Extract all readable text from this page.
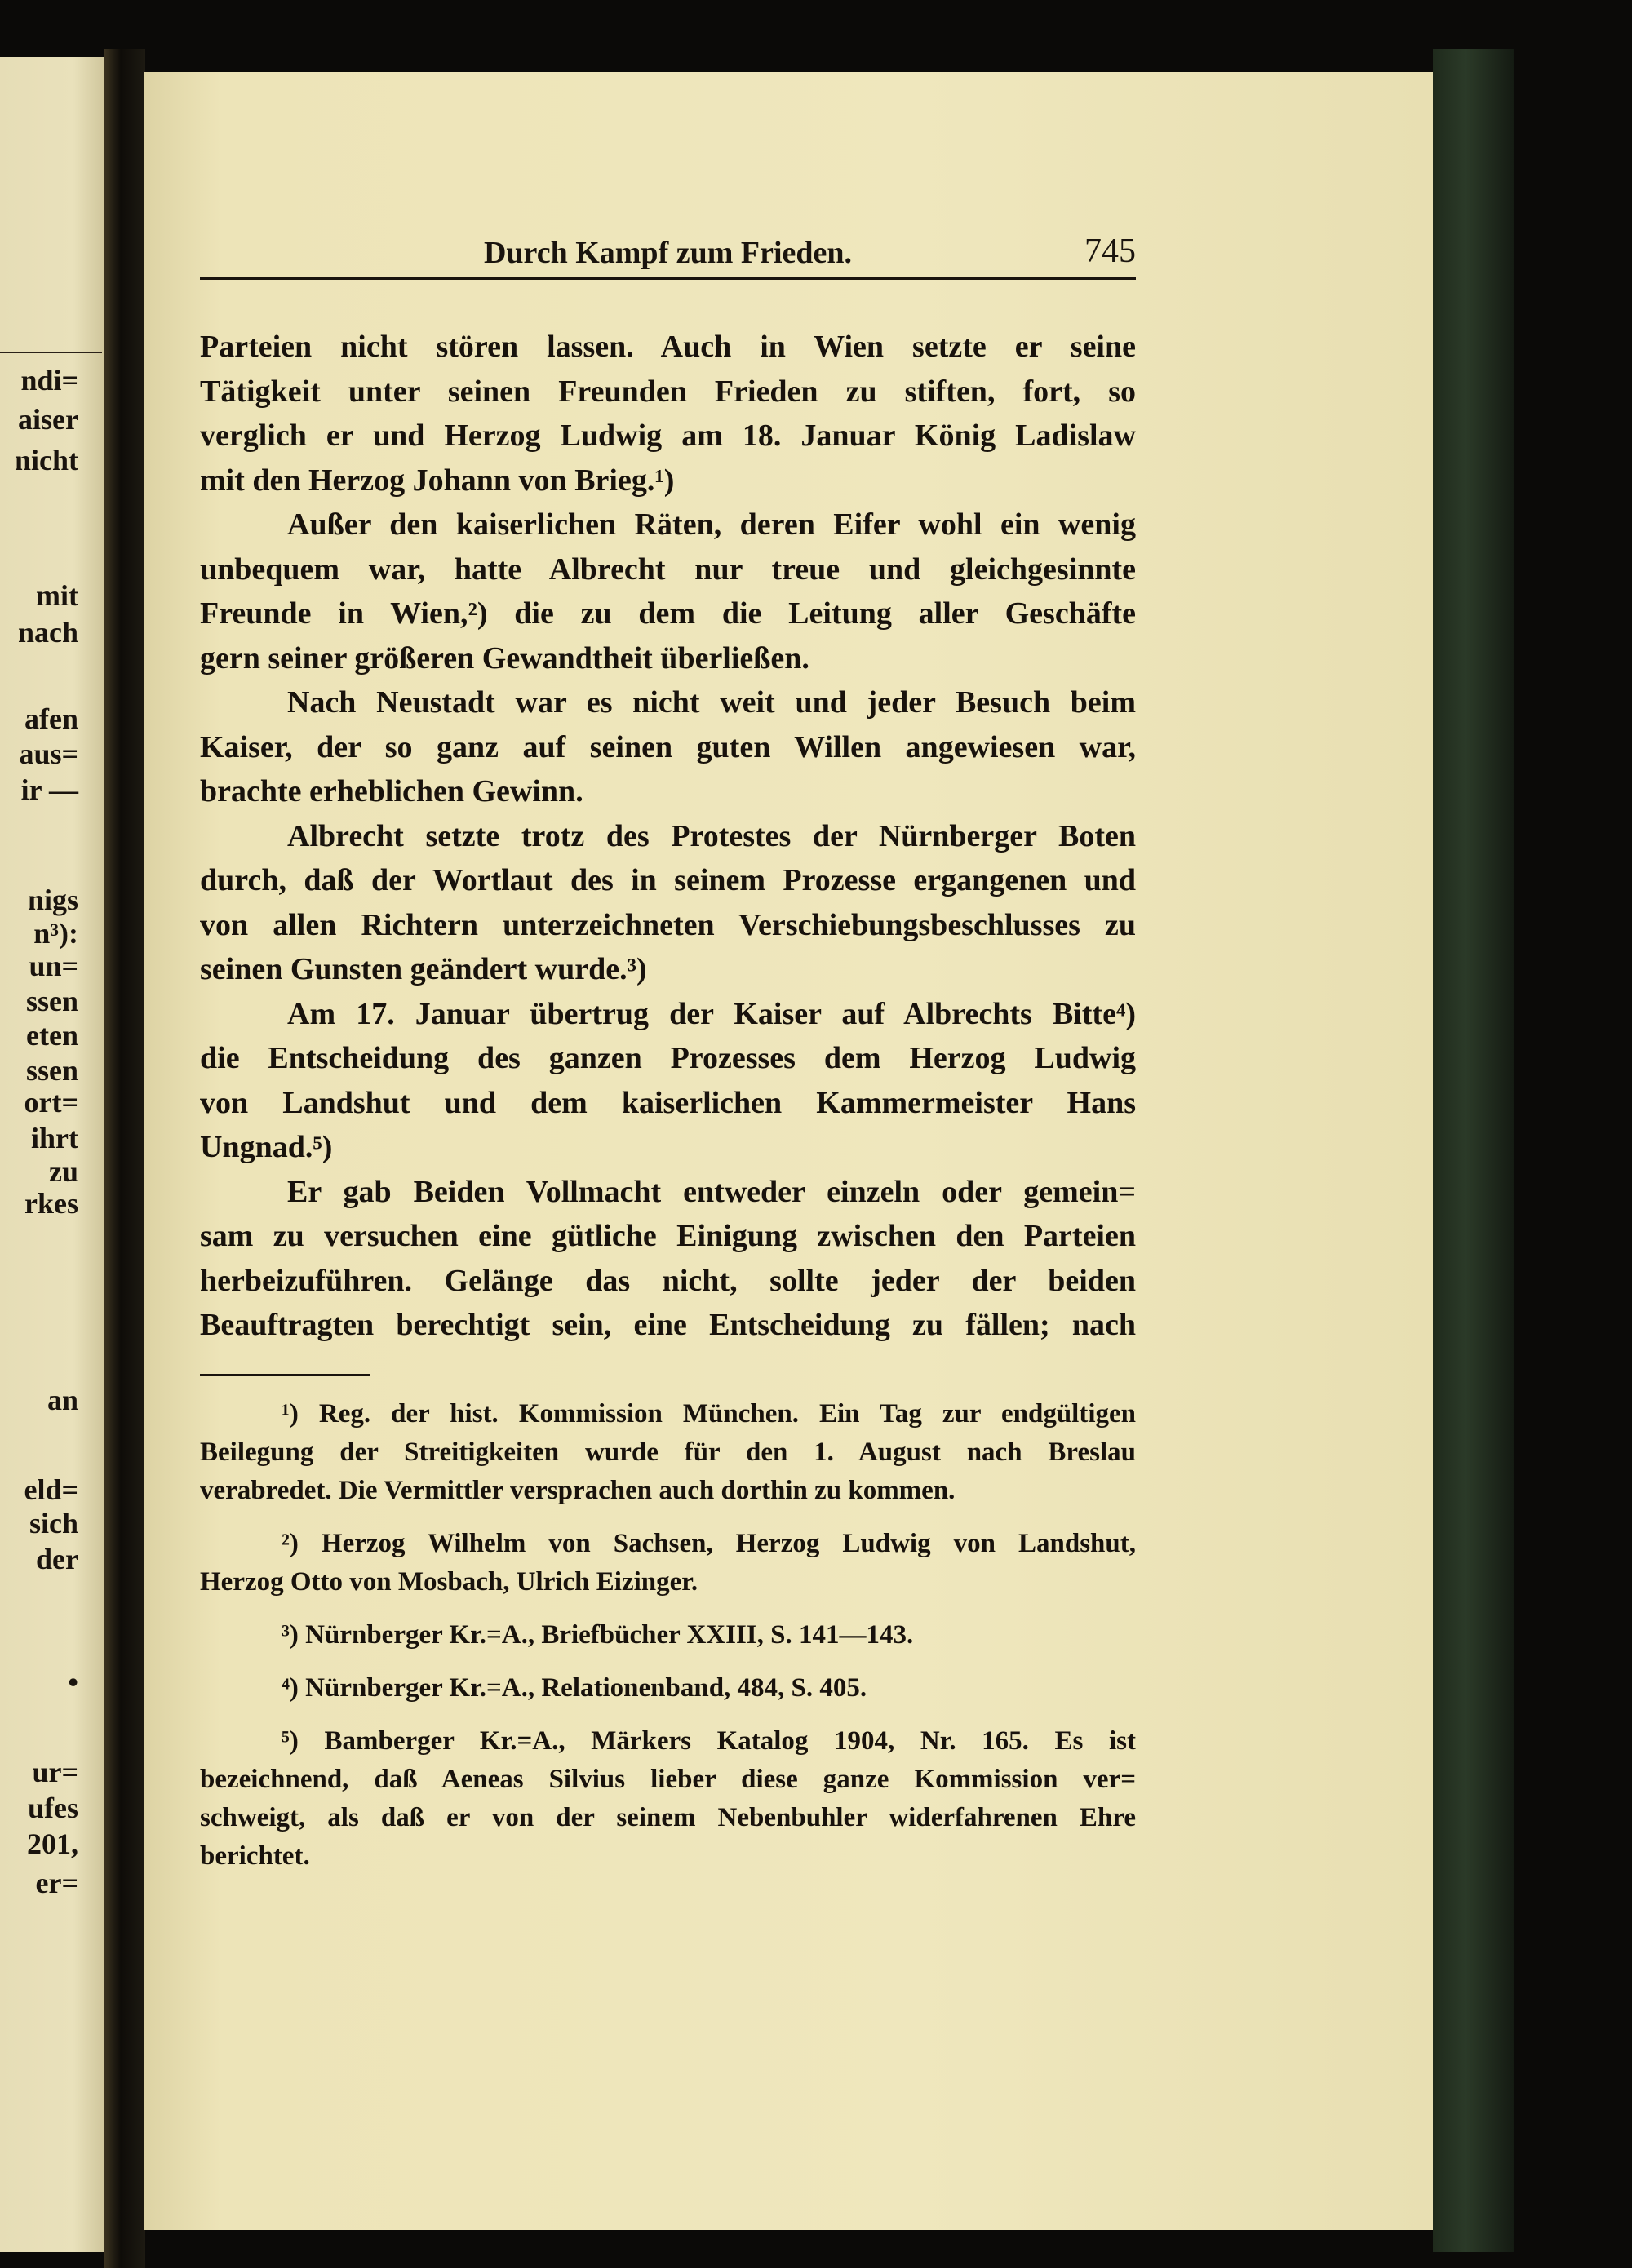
ndi=
aiser
nicht
mit
nach
afen
aus=
ir —
nigs
n³):
un=
ssen
eten
ssen
ort=
ihrt
zu
rkes
an
eld=
sich
der
•
ur=
ufes
201,
er=
Durch Kampf zum Frieden.	745
Parteien nicht stören lassen. Auch in Wien setzte er seine
Tätigkeit unter seinen Freunden Frieden zu stiften, fort, so
verglich er und Herzog Ludwig am 18. Januar König Ladislaw
mit den Herzog Johann von Brieg.¹)
Außer den kaiserlichen Räten, deren Eifer wohl ein wenig
unbequem war, hatte Albrecht nur treue und gleichgesinnte
Freunde in Wien,²) die zu dem die Leitung aller Geschäfte
gern seiner größeren Gewandtheit überließen.
Nach Neustadt war es nicht weit und jeder Besuch beim
Kaiser, der so ganz auf seinen guten Willen angewiesen war,
brachte erheblichen Gewinn.
Albrecht setzte trotz des Protestes der Nürnberger Boten
durch, daß der Wortlaut des in seinem Prozesse ergangenen und
von allen Richtern unterzeichneten Verschiebungsbeschlusses zu
seinen Gunsten geändert wurde.³)
Am 17. Januar übertrug der Kaiser auf Albrechts Bitte⁴)
die Entscheidung des ganzen Prozesses dem Herzog Ludwig
von Landshut und dem kaiserlichen Kammermeister Hans
Ungnad.⁵)
Er gab Beiden Vollmacht entweder einzeln oder gemein=
sam zu versuchen eine gütliche Einigung zwischen den Parteien
herbeizuführen. Gelänge das nicht, sollte jeder der beiden
Beauftragten berechtigt sein, eine Entscheidung zu fällen; nach
¹) Reg. der hist. Kommission München. Ein Tag zur endgültigen
Beilegung der Streitigkeiten wurde für den 1. August nach Breslau
verabredet. Die Vermittler versprachen auch dorthin zu kommen.
²) Herzog Wilhelm von Sachsen, Herzog Ludwig von Landshut,
Herzog Otto von Mosbach, Ulrich Eizinger.
³) Nürnberger Kr.=A., Briefbücher XXIII, S. 141—143.
⁴) Nürnberger Kr.=A., Relationenband, 484, S. 405.
⁵) Bamberger Kr.=A., Märkers Katalog 1904, Nr. 165. Es ist
bezeichnend, daß Aeneas Silvius lieber diese ganze Kommission ver=
schweigt, als daß er von der seinem Nebenbuhler widerfahrenen Ehre
berichtet.
